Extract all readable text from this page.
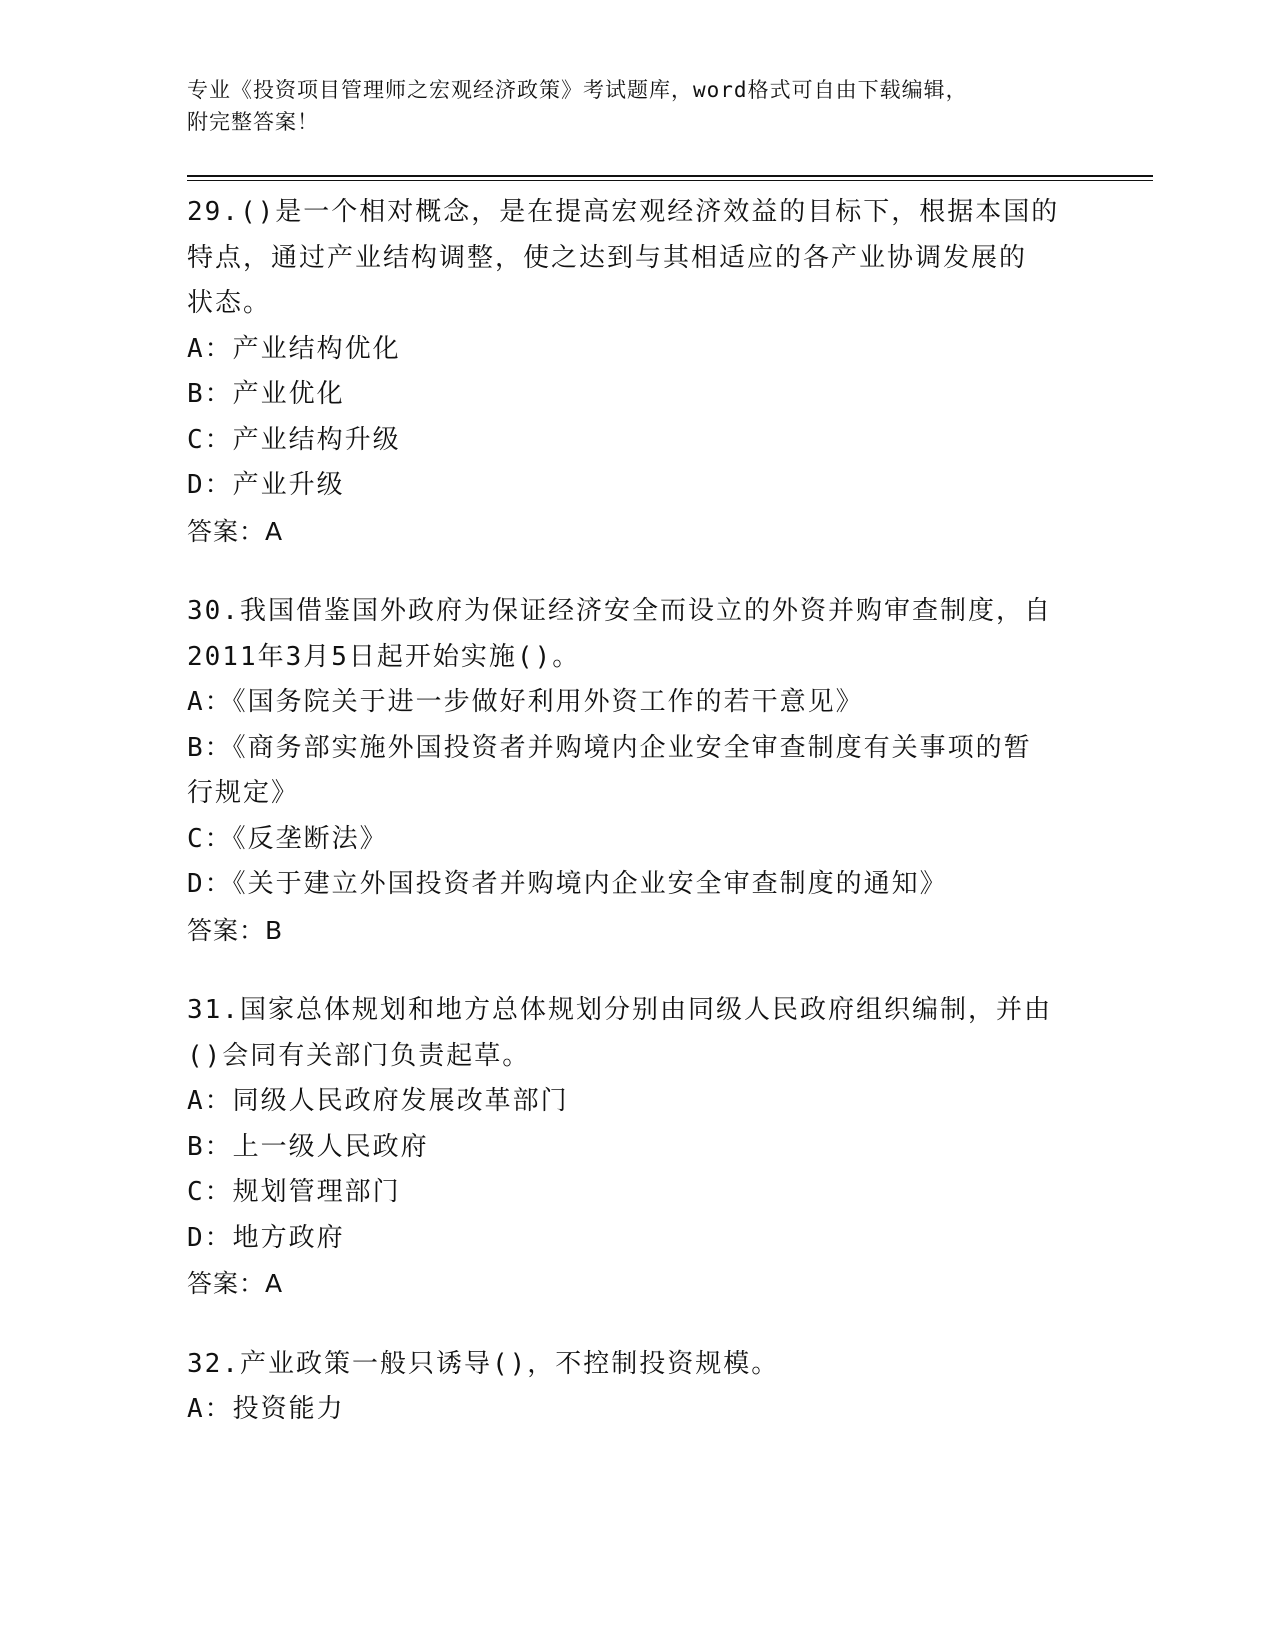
专业《投资项目管理师之宏观经济政策》考试题库，word格式可自由下载编辑，
附完整答案！
29.()是一个相对概念，是在提高宏观经济效益的目标下，根据本国的
特点，通过产业结构调整，使之达到与其相适应的各产业协调发展的
状态。
A：产业结构优化
B：产业优化
C：产业结构升级
D：产业升级
答案：A
30.我国借鉴国外政府为保证经济安全而设立的外资并购审查制度，自
2011年3月5日起开始实施()。
A：《国务院关于进一步做好利用外资工作的若干意见》
B：《商务部实施外国投资者并购境内企业安全审查制度有关事项的暂
行规定》
C：《反垄断法》
D：《关于建立外国投资者并购境内企业安全审查制度的通知》
答案：B
31.国家总体规划和地方总体规划分别由同级人民政府组织编制，并由
()会同有关部门负责起草。
A：同级人民政府发展改革部门
B：上一级人民政府
C：规划管理部门
D：地方政府
答案：A
32.产业政策一般只诱导()，不控制投资规模。
A：投资能力
